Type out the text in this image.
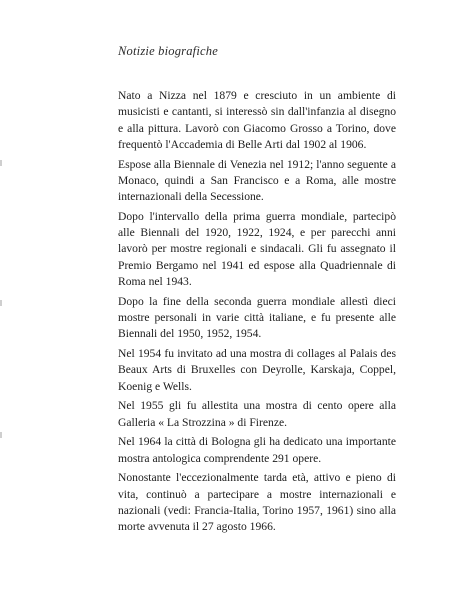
Notizie biografiche

Nato a Nizza nel 1879 e cresciuto in un ambiente di musicisti e cantanti, si interessò sin dall'infanzia al disegno e alla pittura. Lavorò con Giacomo Grosso a Torino, dove frequentò l'Accademia di Belle Arti dal 1902 al 1906.

Espose alla Biennale di Venezia nel 1912; l'anno seguente a Monaco, quindi a San Francisco e a Roma, alle mostre internazionali della Secessione.

Dopo l'intervallo della prima guerra mondiale, partecipò alle Biennali del 1920, 1922, 1924, e per parecchi anni lavorò per mostre regionali e sindacali. Gli fu assegnato il Premio Bergamo nel 1941 ed espose alla Quadriennale di Roma nel 1943.

Dopo la fine della seconda guerra mondiale allestì dieci mostre personali in varie città italiane, e fu presente alle Biennali del 1950, 1952, 1954.

Nel 1954 fu invitato ad una mostra di collages al Palais des Beaux Arts di Bruxelles con Deyrolle, Karskaja, Coppel, Koenig e Wells.

Nel 1955 gli fu allestita una mostra di cento opere alla Galleria « La Strozzina » di Firenze.

Nel 1964 la città di Bologna gli ha dedicato una importante mostra antologica comprendente 291 opere.

Nonostante l'eccezionalmente tarda età, attivo e pieno di vita, continuò a partecipare a mostre internazionali e nazionali (vedi: Francia-Italia, Torino 1957, 1961) sino alla morte avvenuta il 27 agosto 1966.
